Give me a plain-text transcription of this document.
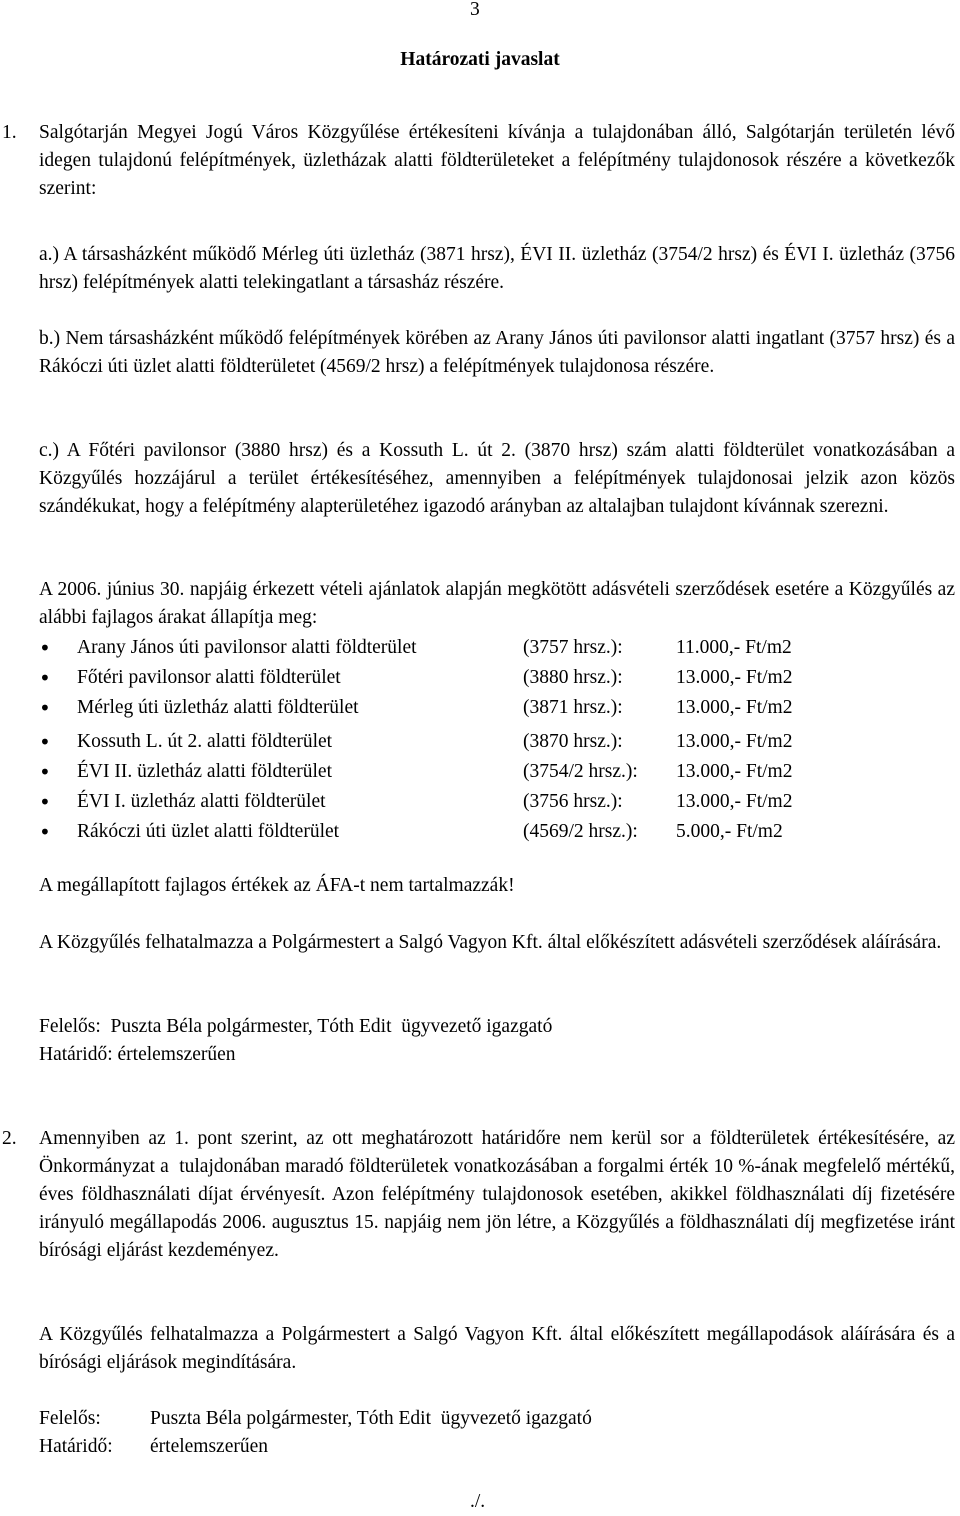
3
Határozati javaslat
1. Salgótarján Megyei Jogú Város Közgyűlése értékesíteni kívánja a tulajdonában álló, Salgótarján területén lévő idegen tulajdonú felépítmények, üzletházak alatti földterületeket a felépítmény tulajdonosok részére a következők szerint:
a.) A társasházként működő Mérleg úti üzletház (3871 hrsz), ÉVI II. üzletház (3754/2 hrsz) és ÉVI I. üzletház (3756 hrsz) felépítmények alatti telekingatlant a társasház részére.
b.) Nem társasházként működő felépítmények körében az Arany János úti pavilonsor alatti ingatlant (3757 hrsz) és a Rákóczi úti üzlet alatti földterületet (4569/2 hrsz) a felépítmények tulajdonosa részére.
c.) A Főtéri pavilonsor (3880 hrsz) és a Kossuth L. út 2. (3870 hrsz) szám alatti földterület vonatkozásában a Közgyűlés hozzájárul a terület értékesítéséhez, amennyiben a felépítmények tulajdonosai jelzik azon közös szándékukat, hogy a felépítmény alapterületéhez igazodó arányban az altalajban tulajdont kívánnak szerezni.
A 2006. június 30. napjáig érkezett vételi ajánlatok alapján megkötött adásvételi szerződések esetére a Közgyűlés az alábbi fajlagos árakat állapítja meg:
•
Arany János úti pavilonsor alatti földterület	(3757 hrsz.):	11.000,- Ft/m2
•
Főtéri pavilonsor alatti földterület	(3880 hrsz.):	13.000,- Ft/m2
•
Mérleg úti üzletház alatti földterület	(3871 hrsz.):	13.000,- Ft/m2
•
Kossuth L. út 2. alatti földterület	(3870 hrsz.):	13.000,- Ft/m2
•
ÉVI II. üzletház alatti földterület	(3754/2 hrsz.): 13.000,- Ft/m2
•
ÉVI I. üzletház alatti földterület	(3756 hrsz.):	13.000,- Ft/m2
•
Rákóczi úti üzlet alatti földterület	(4569/2 hrsz.): 5.000,- Ft/m2
A megállapított fajlagos értékek az ÁFA-t nem tartalmazzák!
A Közgyűlés felhatalmazza a Polgármestert a Salgó Vagyon Kft. által előkészített adásvételi szerződések aláírására.
Felelős:  Puszta Béla polgármester, Tóth Edit  ügyvezető igazgató
Határidő: értelemszerűen
2. Amennyiben az 1. pont szerint, az ott meghatározott határidőre nem kerül sor a földterületek értékesítésére, az Önkormányzat a  tulajdonában maradó földterületek vonatkozásában a forgalmi érték 10 %-ának megfelelő mértékű, éves földhasználati díjat érvényesít. Azon felépítmény tulajdonosok esetében, akikkel földhasználati díj fizetésére irányuló megállapodás 2006. augusztus 15. napjáig nem jön létre, a Közgyűlés a földhasználati díj megfizetése iránt bírósági eljárást kezdeményez.
A Közgyűlés felhatalmazza a Polgármestert a Salgó Vagyon Kft. által előkészített megállapodások aláírására és a bírósági eljárások megindítására.
Felelős:	Puszta Béla polgármester, Tóth Edit  ügyvezető igazgató
Határidő: értelemszerűen
./.
